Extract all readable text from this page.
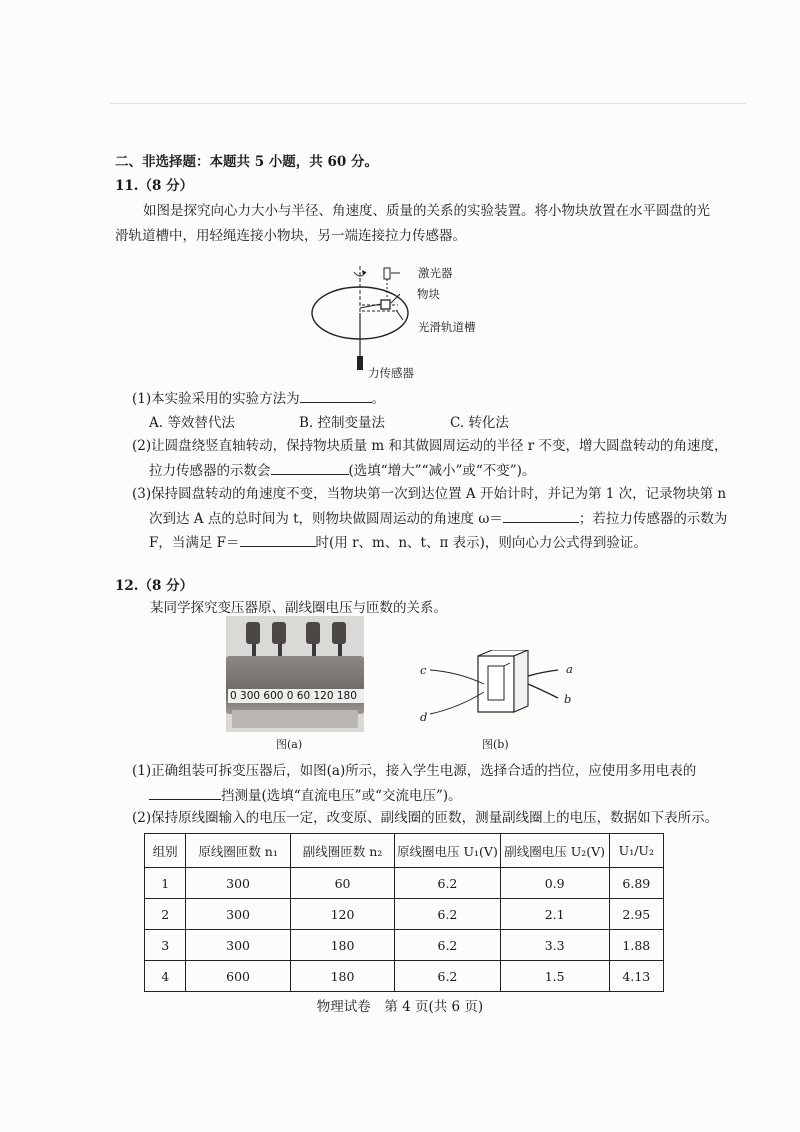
二、非选择题：本题共 5 小题，共 60 分。
11.（8 分）
如图是探究向心力大小与半径、角速度、质量的关系的实验装置。将小物块放置在水平圆盘的光
滑轨道槽中，用轻绳连接小物块，另一端连接拉力传感器。
激光器
物块
光滑轨道槽
力传感器
(1)本实验采用的实验方法为	。
A. 等效替代法	B. 控制变量法	C. 转化法
(2)让圆盘绕竖直轴转动，保持物块质量 m 和其做圆周运动的半径 r 不变，增大圆盘转动的角速度，
拉力传感器的示数会	(选填“增大”“减小”或“不变”)。
(3)保持圆盘转动的角速度不变，当物块第一次到达位置 A 开始计时，并记为第 1 次，记录物块第 n
次到达 A 点的总时间为 t，则物块做圆周运动的角速度 ω＝	；若拉力传感器的示数为
F，当满足 F＝	时(用 r、m、n、t、π 表示)，则向心力公式得到验证。
12.（8 分）
某同学探究变压器原、副线圈电压与匝数的关系。
0 300 600 0 60 120 180
图(a)
a
b
c
d
图(b)
(1)正确组装可拆变压器后，如图(a)所示，接入学生电源，选择合适的挡位，应使用多用电表的
挡测量(选填“直流电压”或“交流电压”)。
(2)保持原线圈输入的电压一定，改变原、副线圈的匝数，测量副线圈上的电压，数据如下表所示。
组别	原线圈匝数 n₁	副线圈匝数 n₂	原线圈电压 U₁(V)	副线圈电压 U₂(V)	U₁/U₂
1	300	60	6.2	0.9	6.89
2	300	120	6.2	2.1	2.95
3	300	180	6.2	3.3	1.88
4	600	180	6.2	1.5	4.13
物理试卷　第 4 页(共 6 页)
